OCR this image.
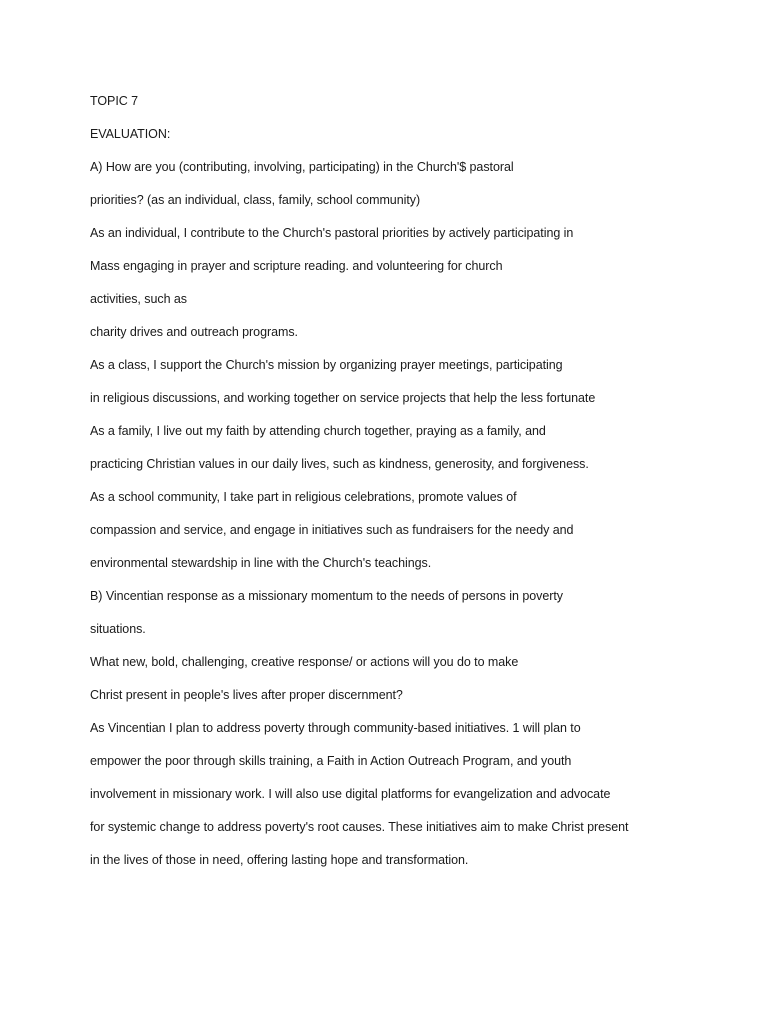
TOPIC 7
EVALUATION:
A) How are you (contributing, involving, participating) in the Church'$ pastoral
priorities? (as an individual, class, family, school community)
As an individual, I contribute to the Church's pastoral priorities by actively participating in
Mass engaging in prayer and scripture reading. and volunteering for church
activities, such as
charity drives and outreach programs.
As a class, I support the Church's mission by organizing prayer meetings, participating
in religious discussions, and working together on service projects that help the less fortunate
As a family, I live out my faith by attending church together, praying as a family, and
practicing Christian values in our daily lives, such as kindness, generosity, and forgiveness.
As a school community, I take part in religious celebrations, promote values of
compassion and service, and engage in initiatives such as fundraisers for the needy and
environmental stewardship in line with the Church's teachings.
B) Vincentian response as a missionary momentum to the needs of persons in poverty
situations.
What new, bold, challenging, creative response/ or actions will you do to make
Christ present in people's lives after proper discernment?
As Vincentian I plan to address poverty through community-based initiatives. 1 will plan to
empower the poor through skills training, a Faith in Action Outreach Program, and youth
involvement in missionary work. I will also use digital platforms for evangelization and advocate
for systemic change to address poverty's root causes. These initiatives aim to make Christ present
in the lives of those in need, offering lasting hope and transformation.
